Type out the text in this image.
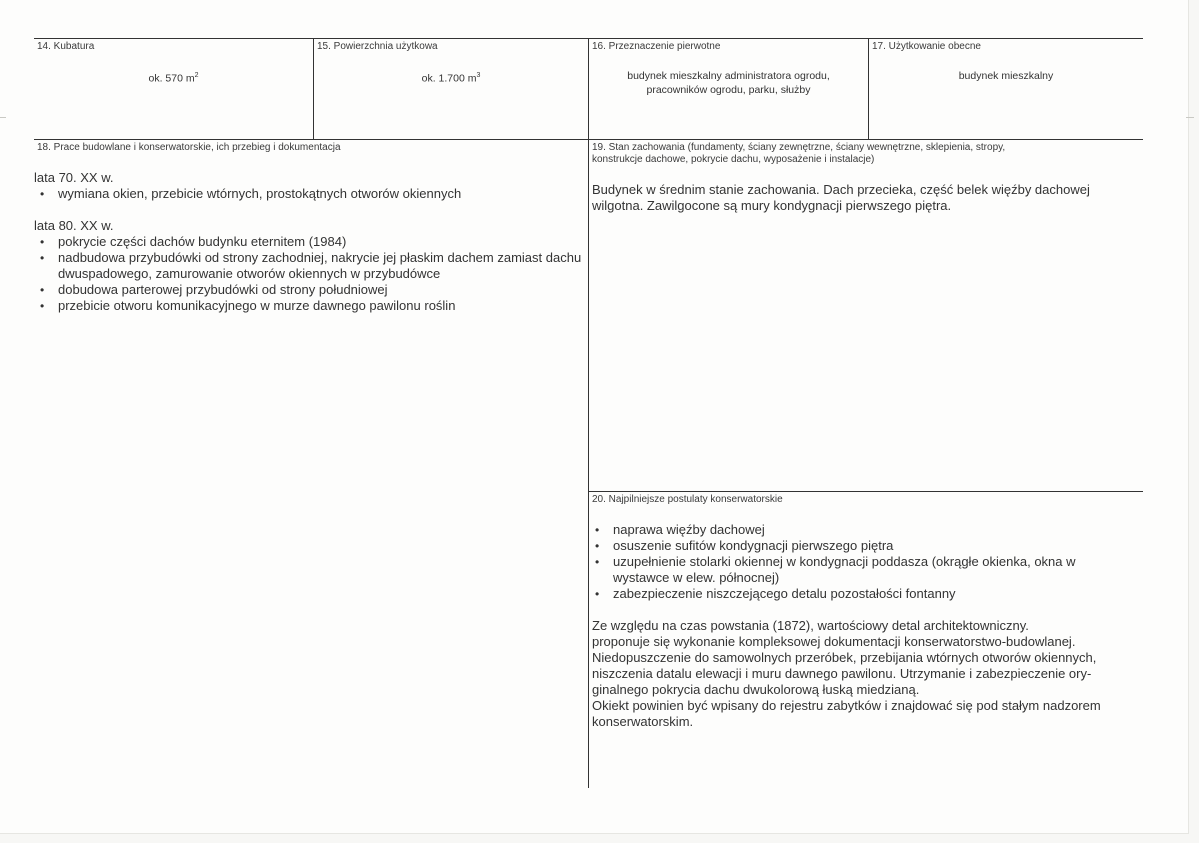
14. Kubatura
ok. 570 $m^2$
15. Powierzchnia użytkowa
ok. 1.700 $m^3$
16. Przeznaczenie pierwotne
budynek mieszkalny administratora ogrodu,
pracowników ogrodu, parku, służby
17. Użytkowanie obecne
budynek mieszkalny
18. Prace budowlane i konserwatorskie, ich przebieg i dokumentacja
lata 70. XX w.
• wymiana okien, przebicie wtórnych, prostokątnych otworów okiennych
lata 80. XX w.
• pokrycie części dachów budynku eternitem (1984)
• nadbudowa przybudówki od strony zachodniej, nakrycie jej płaskim dachem zamiast dachu dwuspadowego, zamurowanie otworów okiennych w przybudówce
• dobudowa parterowej przybudówki od strony południowej
• przebicie otworu komunikacyjnego w murze dawnego pawilonu roślin
19. Stan zachowania (fundamenty, ściany zewnętrzne, ściany wewnętrzne, sklepienia, stropy,
konstrukcje dachowe, pokrycie dachu, wyposażenie i instalacje)
Budynek w średnim stanie zachowania. Dach przecieka, część belek więźby dachowej wilgotna. Zawilgocone są mury kondygnacji pierwszego piętra.
20. Najpilniejsze postulaty konserwatorskie
• naprawa więźby dachowej
• osuszenie sufitów kondygnacji pierwszego piętra
• uzupełnienie stolarki okiennej w kondygnacji poddasza (okrągłe okienka, okna w wystawce w elew. północnej)
• zabezpieczenie niszczejącego detalu pozostałości fontanny
Ze względu na czas powstania (1872), wartościowy detal architektowniczny.
proponuje się wykonanie kompleksowej dokumentacji konserwatorstwo-budowlanej.
Niedopuszczenie do samowolnych przeróbek, przebijania wtórnych otworów okiennych,
niszczenia datalu elewacji i muru dawnego pawilonu. Utrzymanie i zabezpieczenie ory-
ginalnego pokrycia dachu dwukolorową łuską miedzianą.
Okiekt powinien być wpisany do rejestru zabytków i znajdować się pod stałym nadzorem
konserwatorskim.
